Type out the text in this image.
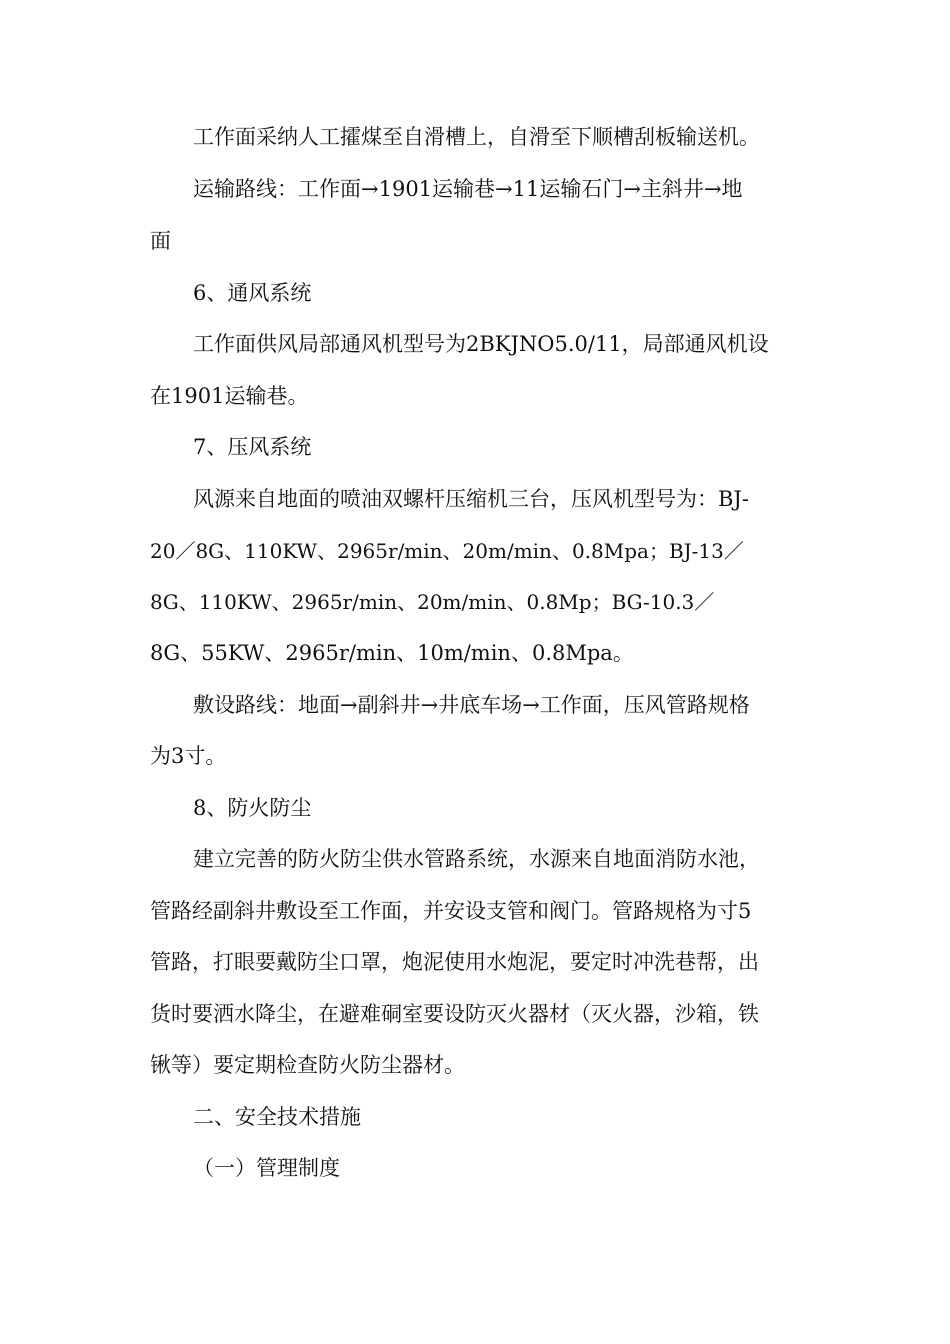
工作面采纳人工攉煤至自滑槽上，自滑至下顺槽刮板输送机。
运输路线：工作面→1901运输巷→11运输石门→主斜井→地
面
6、通风系统
工作面供风局部通风机型号为2BKJNO5.0/11，局部通风机设
在1901运输巷。
7、压风系统
风源来自地面的喷油双螺杆压缩机三台，压风机型号为：BJ-
20／8G、110KW、2965r/min、20m/min、0.8Mpa；BJ-13／
8G、110KW、2965r/min、20m/min、0.8Mp；BG-10.3／
8G、55KW、2965r/min、10m/min、0.8Mpa。
敷设路线：地面→副斜井→井底车场→工作面，压风管路规格
为3寸。
8、防火防尘
建立完善的防火防尘供水管路系统，水源来自地面消防水池，
管路经副斜井敷设至工作面，并安设支管和阀门。管路规格为寸5
管路，打眼要戴防尘口罩，炮泥使用水炮泥，要定时冲洗巷帮，出
货时要洒水降尘，在避难硐室要设防灭火器材（灭火器，沙箱，铁
锹等）要定期检查防火防尘器材。
二、安全技术措施
（一）管理制度
